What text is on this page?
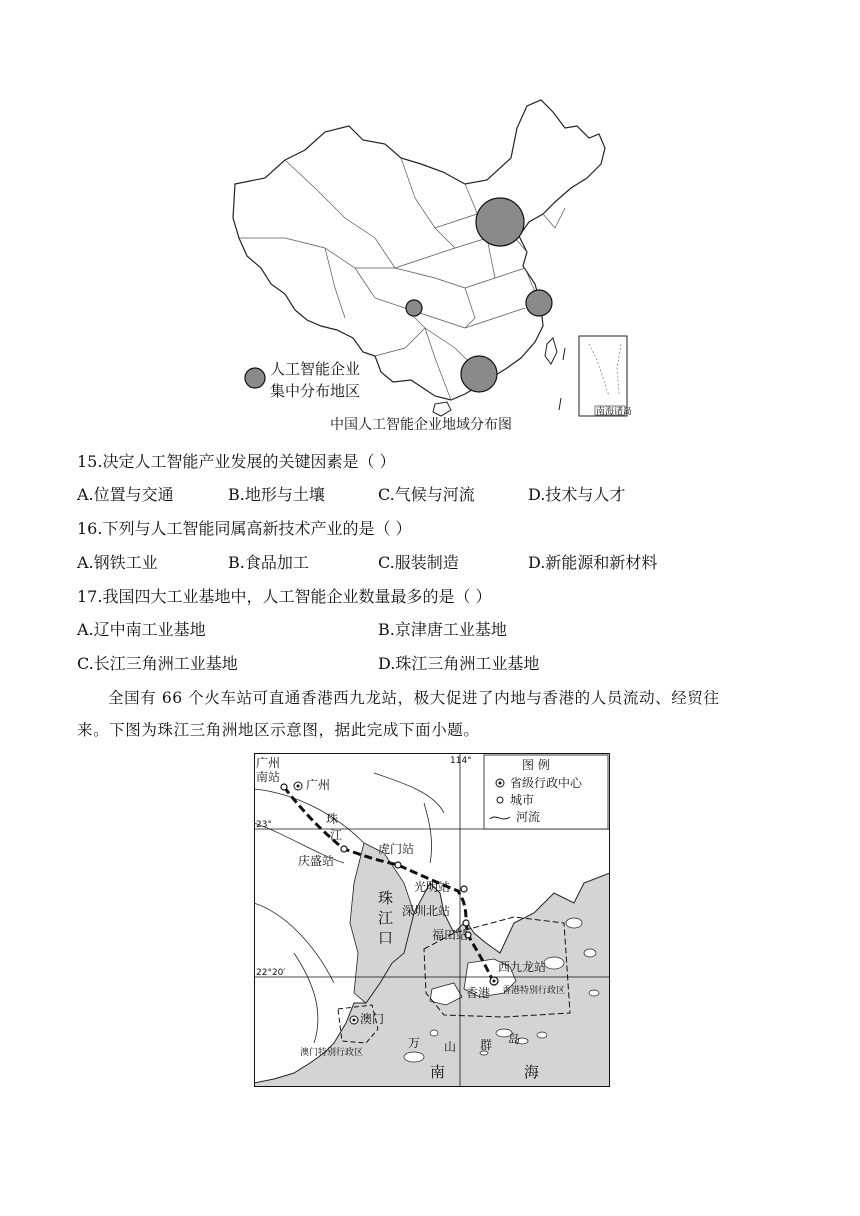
南海诸岛
人工智能企业
集中分布地区
中国人工智能企业地域分布图
15.决定人工智能产业发展的关键因素是（ ）
A.位置与交通	B.地形与土壤	C.气候与河流	D.技术与人才
16.下列与人工智能同属高新技术产业的是（ ）
A.钢铁工业	B.食品加工	C.服装制造	D.新能源和新材料
17.我国四大工业基地中，人工智能企业数量最多的是（ ）
A.辽中南工业基地	B.京津唐工业基地
C.长江三角洲工业基地	D.珠江三角洲工业基地
全国有 66 个火车站可直通香港西九龙站，极大促进了内地与香港的人员流动、经贸往
来。下图为珠江三角洲地区示意图，据此完成下面小题。
图 例
省级行政中心
城市
河流
114°
23°
22°20′
广州
南站
广州
虎门站
庆盛站
光明站
深圳北站
福田站
西九龙站
香港
澳门
珠
江
珠
江
口
香港特别行政区
澳门特别行政区
万 山 群 岛
南	海
